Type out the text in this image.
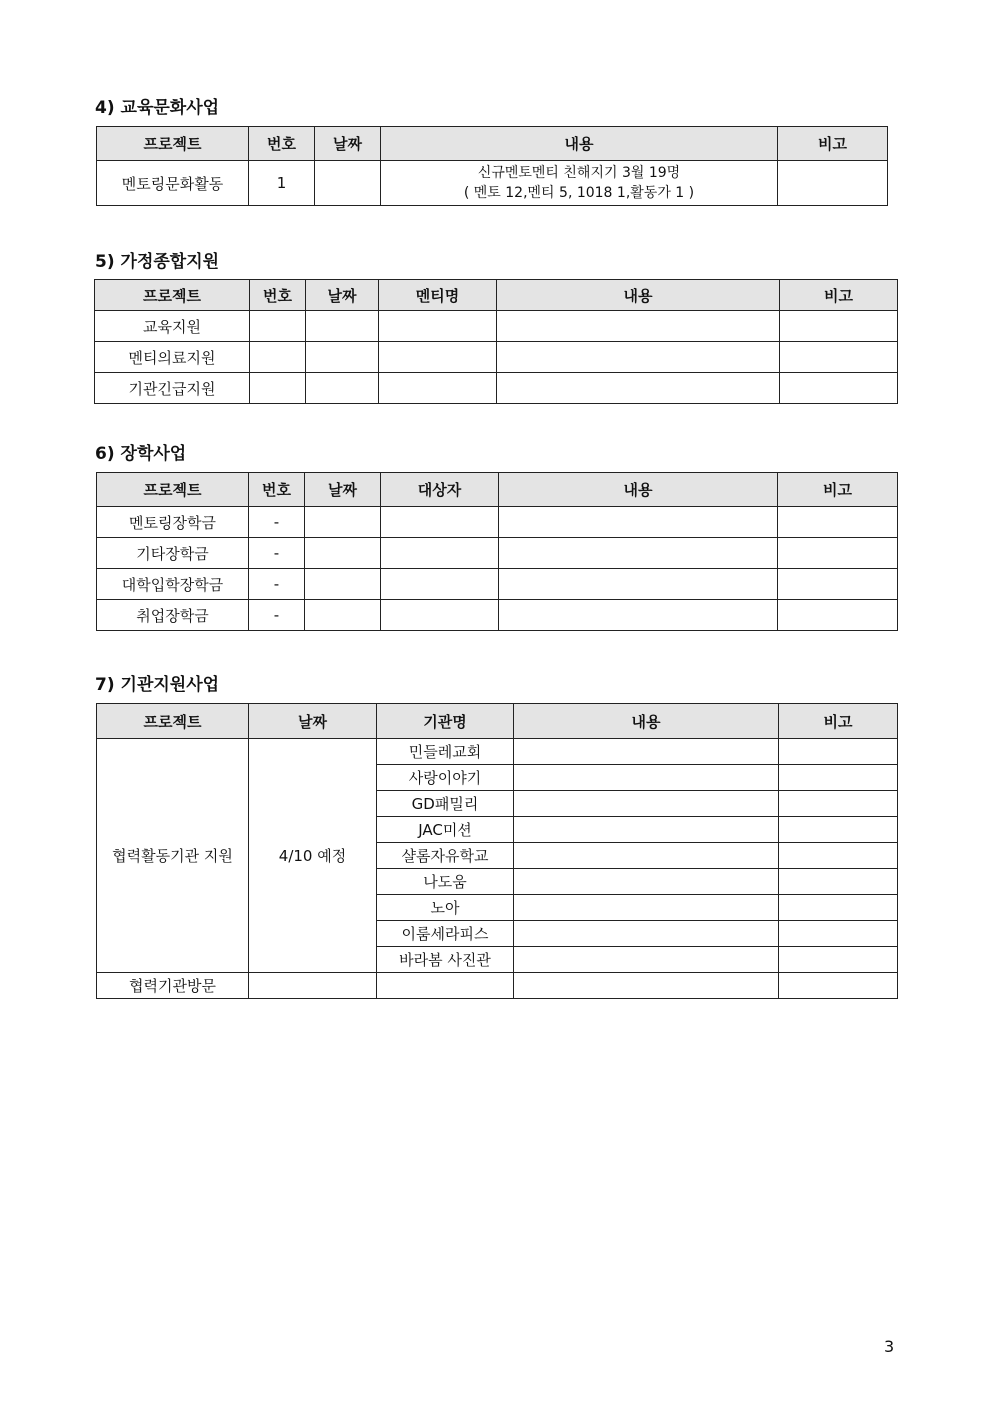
4) 교육문화사업
프로젝트	번호	날짜	내용	비고
멘토링문화활동	1		신규멘토멘티 친해지기 3월 19명
( 멘토 12,멘티 5, 1018 1,활동가 1 )	

5) 가정종합지원
프로젝트	번호	날짜	멘티명	내용	비고
교육지원					
멘티의료지원					
기관긴급지원					
6) 장학사업
프로젝트	번호	날짜	대상자	내용	비고
멘토링장학금	-				
기타장학금	-				
대학입학장학금	-				
취업장학금	-				
7) 기관지원사업
프로젝트	날짜	기관명	내용	비고
협력활동기관 지원	4/10 예정	민들레교회		
		사랑이야기		
		GD패밀리		
		JAC미션		
		샬롬자유학교		
		나도움		
		노아		
		이룸세라피스		
		바라봄 사진관		
협력기관방문				
3
